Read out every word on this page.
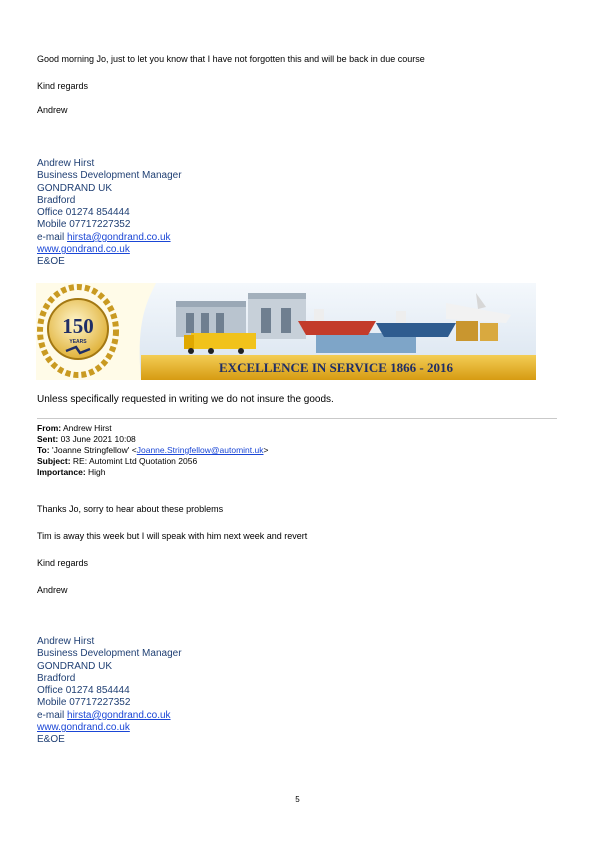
Good morning Jo, just to let you know that I have not forgotten this and will be back in due course
Kind regards
Andrew
Andrew Hirst
Business Development Manager
GONDRAND UK
Bradford
Office 01274 854444
Mobile 07717227352
e-mail hirsta@gondrand.co.uk
www.gondrand.co.uk
E&OE
EXCELLENCE IN SERVICE 1866 - 2016
150
YEARS
Unless specifically requested in writing we do not insure the goods.
From: Andrew Hirst
Sent: 03 June 2021 10:08
To: 'Joanne Stringfellow' <Joanne.Stringfellow@automint.uk>
Subject: RE: Automint Ltd Quotation 2056
Importance: High
Thanks Jo, sorry to hear about these problems
Tim is away this week but I will speak with him next week and revert
Kind regards
Andrew
Andrew Hirst
Business Development Manager
GONDRAND UK
Bradford
Office 01274 854444
Mobile 07717227352
e-mail hirsta@gondrand.co.uk
www.gondrand.co.uk
E&OE
5
